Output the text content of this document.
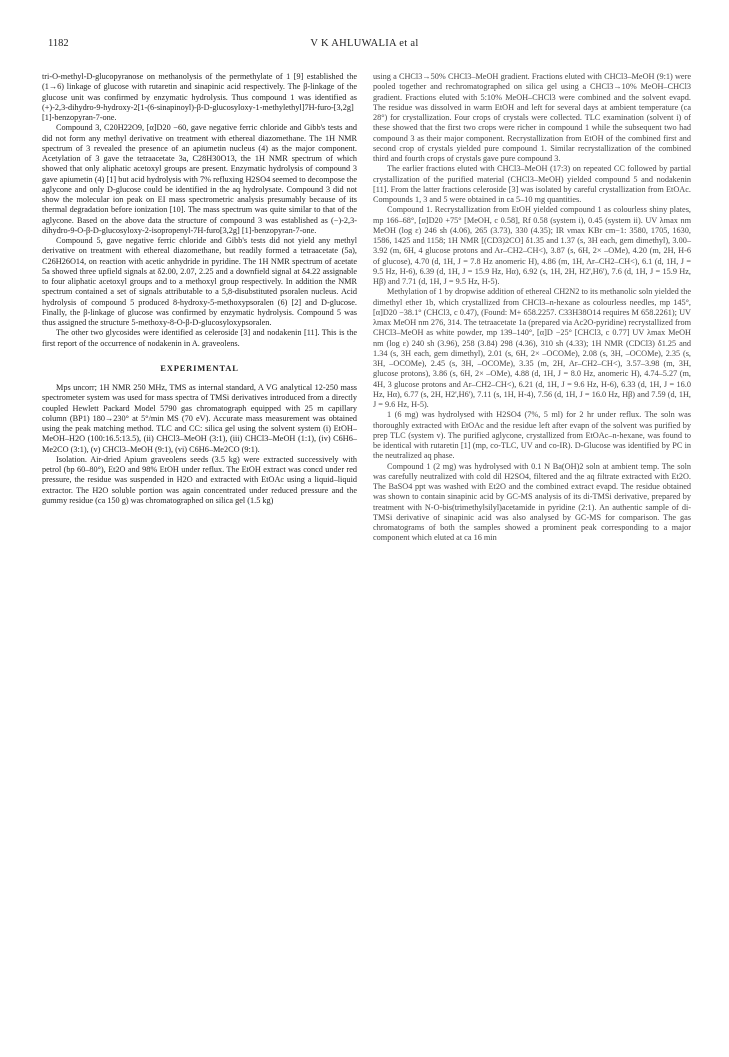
1182	V K AHLUWALIA et al

tri-O-methyl-D-glucopyranose on methanolysis of the permethylate of 1 [9] established the (1→6) linkage of glucose with rutaretin and sinapinic acid respectively. The β-linkage of the glucose unit was confirmed by enzymatic hydrolysis. Thus compound 1 was identified as (+)-2,3-dihydro-9-hydroxy-2[1-(6-sinapinoyl)-β-D-glucosyloxy-1-methylethyl]7H-furo-[3,2g] [1]-benzopyran-7-one.

Compound 3, C20H22O9, [α]D20 −60, gave negative ferric chloride and Gibb's tests and did not form any methyl derivative on treatment with ethereal diazomethane. The 1H NMR spectrum of 3 revealed the presence of an apiumetin nucleus (4) as the major component. Acetylation of 3 gave the tetraacetate 3a, C28H30O13, the 1H NMR spectrum of which showed that only aliphatic acetoxyl groups are present. Enzymatic hydrolysis of compound 3 gave apiumetin (4) [1] but acid hydrolysis with 7% refluxing H2SO4 seemed to decompose the aglycone and only D-glucose could be identified in the aq hydrolysate. Compound 3 did not show the molecular ion peak on EI mass spectrometric analysis presumably because of its thermal degradation before ionization [10]. The mass spectrum was quite similar to that of the aglycone. Based on the above data the structure of compound 3 was established as (−)-2,3-dihydro-9-O-β-D-glucosyloxy-2-isopropenyl-7H-furo[3,2g] [1]-benzopyran-7-one.

Compound 5, gave negative ferric chloride and Gibb's tests did not yield any methyl derivative on treatment with ethereal diazomethane, but readily formed a tetraacetate (5a), C26H26O14, on reaction with acetic anhydride in pyridine. The 1H NMR spectrum of acetate 5a showed three upfield signals at δ2.00, 2.07, 2.25 and a downfield signal at δ4.22 assignable to four aliphatic acetoxyl groups and to a methoxyl group respectively. In addition the NMR spectrum contained a set of signals attributable to a 5,8-disubstituted psoralen nucleus. Acid hydrolysis of compound 5 produced 8-hydroxy-5-methoxypsoralen (6) [2] and D-glucose. Finally, the β-linkage of glucose was confirmed by enzymatic hydrolysis. Compound 5 was thus assigned the structure 5-methoxy-8-O-β-D-glucosyloxypsoralen.

The other two glycosides were identified as celeroside [3] and nodakenin [11]. This is the first report of the occurrence of nodakenin in A. graveolens.

EXPERIMENTAL

Mps uncorr; 1H NMR 250 MHz, TMS as internal standard, A VG analytical 12-250 mass spectrometer system was used for mass spectra of TMSi derivatives introduced from a directly coupled Hewlett Packard Model 5790 gas chromatograph equipped with 25 m capillary column (BP1) 180→230° at 5°/min MS (70 eV). Accurate mass measurement was obtained using the peak matching method. TLC and CC: silica gel using the solvent system (i) EtOH–MeOH–H2O (100:16.5:13.5), (ii) CHCl3–MeOH (3:1), (iii) CHCl3–MeOH (1:1), (iv) C6H6–Me2CO (3:1), (v) CHCl3–MeOH (9:1), (vi) C6H6–Me2CO (9:1).

Isolation. Air-dried Apium graveolens seeds (3.5 kg) were extracted successively with petrol (bp 60–80°), Et2O and 98% EtOH under reflux. The EtOH extract was concd under red pressure, the residue was suspended in H2O and extracted with EtOAc using a liquid–liquid extractor. The H2O soluble portion was again concentrated under reduced pressure and the gummy residue (ca 150 g) was chromatographed on silica gel (1.5 kg)

using a CHCl3→50% CHCl3–MeOH gradient. Fractions eluted with CHCl3–MeOH (9:1) were pooled together and rechromatographed on silica gel using a CHCl3→10% MeOH–CHCl3 gradient. Fractions eluted with 5:10% MeOH–CHCl3 were combined and the solvent evapd. The residue was dissolved in warm EtOH and left for several days at ambient temperature (ca 28°) for crystallization. Four crops of crystals were collected. TLC examination (solvent i) of these showed that the first two crops were richer in compound 1 while the subsequent two had compound 3 as their major component. Recrystallization from EtOH of the combined first and second crop of crystals yielded pure compound 1. Similar recrystallization of the combined third and fourth crops of crystals gave pure compound 3.

The earlier fractions eluted with CHCl3–MeOH (17:3) on repeated CC followed by partial crystallization of the purified material (CHCl3–MeOH) yielded compound 5 and nodakenin [11]. From the latter fractions celeroside [3] was isolated by careful crystallization from EtOAc. Compounds 1, 3 and 5 were obtained in ca 5–10 mg quantities.

Compound 1. Recrystallization from EtOH yielded compound 1 as colourless shiny plates, mp 166–68°, [α]D20 +75° [MeOH, c 0.58], Rf 0.58 (system i), 0.45 (system ii). UV λmax nm MeOH (log ε) 246 sh (4.06), 265 (3.73), 330 (4.35); IR νmax KBr cm−1: 3580, 1705, 1630, 1586, 1425 and 1158; 1H NMR [(CD3)2CO] δ1.35 and 1.37 (s, 3H each, gem dimethyl), 3.00–3.92 (m, 6H, 4 glucose protons and Ar–CH2–CH<), 3.87 (s, 6H, 2× –OMe), 4.20 (m, 2H, H-6 of glucose), 4.70 (d, 1H, J = 7.8 Hz anomeric H), 4.86 (m, 1H, Ar–CH2–CH<), 6.1 (d, 1H, J = 9.5 Hz, H-6), 6.39 (d, 1H, J = 15.9 Hz, Hα), 6.92 (s, 1H, 2H, H2',H6'), 7.6 (d, 1H, J = 15.9 Hz, Hβ) and 7.71 (d, 1H, J = 9.5 Hz, H-5).

Methylation of 1 by dropwise addition of ethereal CH2N2 to its methanolic soln yielded the dimethyl ether 1b, which crystallized from CHCl3–n-hexane as colourless needles, mp 145°, [α]D20 −38.1° (CHCl3, c 0.47), (Found: M+ 658.2257. C33H38O14 requires M 658.2261); UV λmax MeOH nm 276, 314. The tetraacetate 1a (prepared via Ac2O-pyridine) recrystallized from CHCl3–MeOH as white powder, mp 139–140°, [α]D −25° [CHCl3, c 0.77] UV λmax MeOH nm (log ε) 240 sh (3.96), 258 (3.84) 298 (4.36), 310 sh (4.33); 1H NMR (CDCl3) δ1.25 and 1.34 (s, 3H each, gem dimethyl), 2.01 (s, 6H, 2× –OCOMe), 2.08 (s, 3H, –OCOMe), 2.35 (s, 3H, –OCOMe), 2.45 (s, 3H, –OCOMe), 3.35 (m, 2H, Ar–CH2–CH<), 3.57–3.98 (m, 3H, glucose protons), 3.86 (s, 6H, 2× –OMe), 4.88 (d, 1H, J = 8.0 Hz, anomeric H), 4.74–5.27 (m, 4H, 3 glucose protons and Ar–CH2–CH<), 6.21 (d, 1H, J = 9.6 Hz, H-6), 6.33 (d, 1H, J = 16.0 Hz, Hα), 6.77 (s, 2H, H2',H6'), 7.11 (s, 1H, H-4), 7.56 (d, 1H, J = 16.0 Hz, Hβ) and 7.59 (d, 1H, J = 9.6 Hz, H-5).

1 (6 mg) was hydrolysed with H2SO4 (7%, 5 ml) for 2 hr under reflux. The soln was thoroughly extracted with EtOAc and the residue left after evapn of the solvent was purified by prep TLC (system v). The purified aglycone, crystallized from EtOAc–n-hexane, was found to be identical with rutaretin [1] (mp, co-TLC, UV and co-IR). D-Glucose was identified by PC in the neutralized aq phase.

Compound 1 (2 mg) was hydrolysed with 0.1 N Ba(OH)2 soln at ambient temp. The soln was carefully neutralized with cold dil H2SO4, filtered and the aq filtrate extracted with Et2O. The BaSO4 ppt was washed with Et2O and the combined extract evapd. The residue obtained was shown to contain sinapinic acid by GC-MS analysis of its di-TMSi derivative, prepared by treatment with N-O-bis(trimethylsilyl)acetamide in pyridine (2:1). An authentic sample of di-TMSi derivative of sinapinic acid was also analysed by GC-MS for comparison. The gas chromatograms of both the samples showed a prominent peak corresponding to a major component which eluted at ca 16 min
